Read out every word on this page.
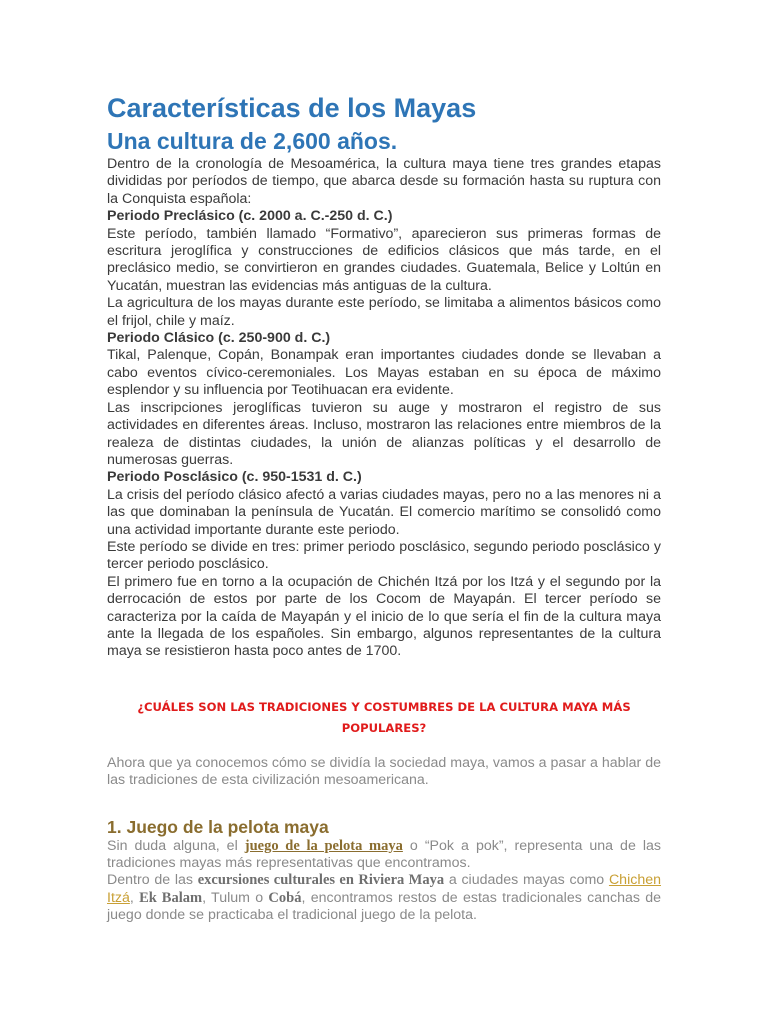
Características de los Mayas
Una cultura de 2,600 años.

Dentro de la cronología de Mesoamérica, la cultura maya tiene tres grandes etapas divididas por períodos de tiempo, que abarca desde su formación hasta su ruptura con la Conquista española:

Periodo Preclásico (c. 2000 a. C.-250 d. C.)

Este período, también llamado “Formativo”, aparecieron sus primeras formas de escritura jeroglífica y construcciones de edificios clásicos que más tarde, en el preclásico medio, se convirtieron en grandes ciudades. Guatemala, Belice y Loltún en Yucatán, muestran las evidencias más antiguas de la cultura.

La agricultura de los mayas durante este período, se limitaba a alimentos básicos como el frijol, chile y maíz.

Periodo Clásico (c. 250-900 d. C.)

Tikal, Palenque, Copán, Bonampak eran importantes ciudades donde se llevaban a cabo eventos cívico-ceremoniales. Los Mayas estaban en su época de máximo esplendor y su influencia por Teotihuacan era evidente.

Las inscripciones jeroglíficas tuvieron su auge y mostraron el registro de sus actividades en diferentes áreas. Incluso, mostraron las relaciones entre miembros de la realeza de distintas ciudades, la unión de alianzas políticas y el desarrollo de numerosas guerras.

Periodo Posclásico (c. 950-1531 d. C.)

La crisis del período clásico afectó a varias ciudades mayas, pero no a las menores ni a las que dominaban la península de Yucatán. El comercio marítimo se consolidó como una actividad importante durante este periodo.

Este período se divide en tres: primer periodo posclásico, segundo periodo posclásico y tercer periodo posclásico.

El primero fue en torno a la ocupación de Chichén Itzá por los Itzá y el segundo por la derrocación de estos por parte de los Cocom de Mayapán. El tercer período se caracteriza por la caída de Mayapán y el inicio de lo que sería el fin de la cultura maya ante la llegada de los españoles. Sin embargo, algunos representantes de la cultura maya se resistieron hasta poco antes de 1700.

¿CUÁLES SON LAS TRADICIONES Y COSTUMBRES DE LA CULTURA MAYA MÁS POPULARES?

Ahora que ya conocemos cómo se dividía la sociedad maya, vamos a pasar a hablar de las tradiciones de esta civilización mesoamericana.

1. Juego de la pelota maya

Sin duda alguna, el juego de la pelota maya o “Pok a pok”, representa una de las tradiciones mayas más representativas que encontramos.

Dentro de las excursiones culturales en Riviera Maya a ciudades mayas como Chichen Itzá, Ek Balam, Tulum o Cobá, encontramos restos de estas tradicionales canchas de juego donde se practicaba el tradicional juego de la pelota.
